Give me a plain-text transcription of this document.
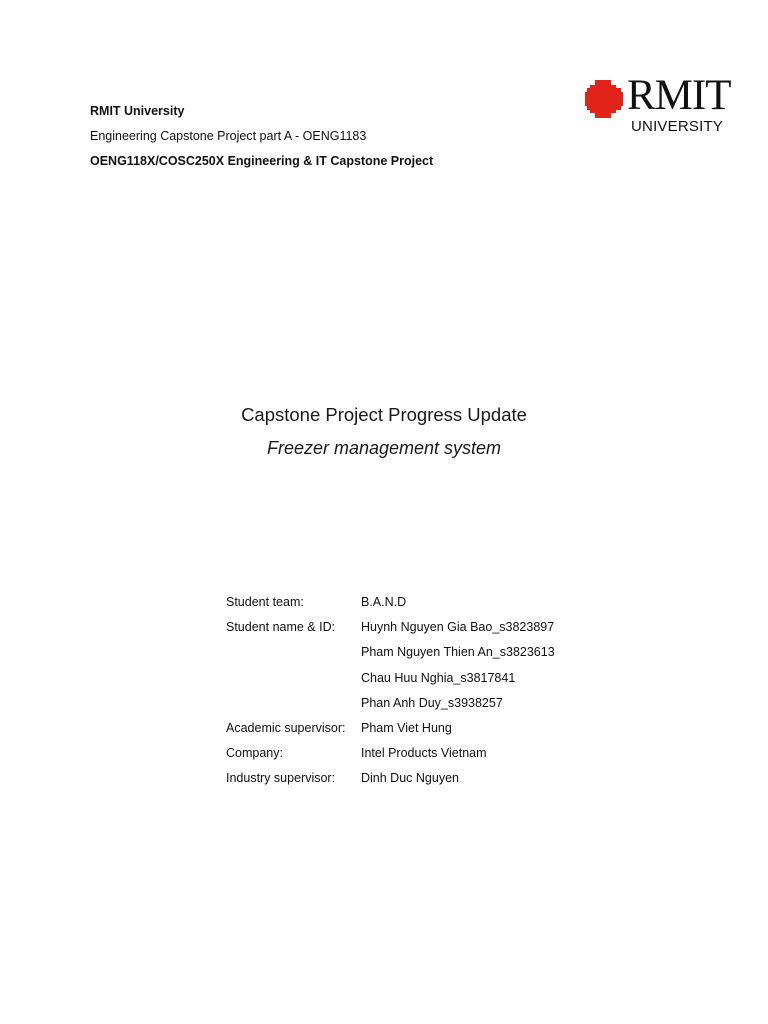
RMIT University
Engineering Capstone Project part A - OENG1183
OENG118X/COSC250X Engineering & IT Capstone Project
RMIT
UNIVERSITY
Capstone Project Progress Update
Freezer management system
Student team:	B.A.N.D
Student name & ID:	Huynh Nguyen Gia Bao_s3823897
Pham Nguyen Thien An_s3823613
Chau Huu Nghia_s3817841
Phan Anh Duy_s3938257
Academic supervisor:	Pham Viet Hung
Company:	Intel Products Vietnam
Industry supervisor:	Dinh Duc Nguyen
